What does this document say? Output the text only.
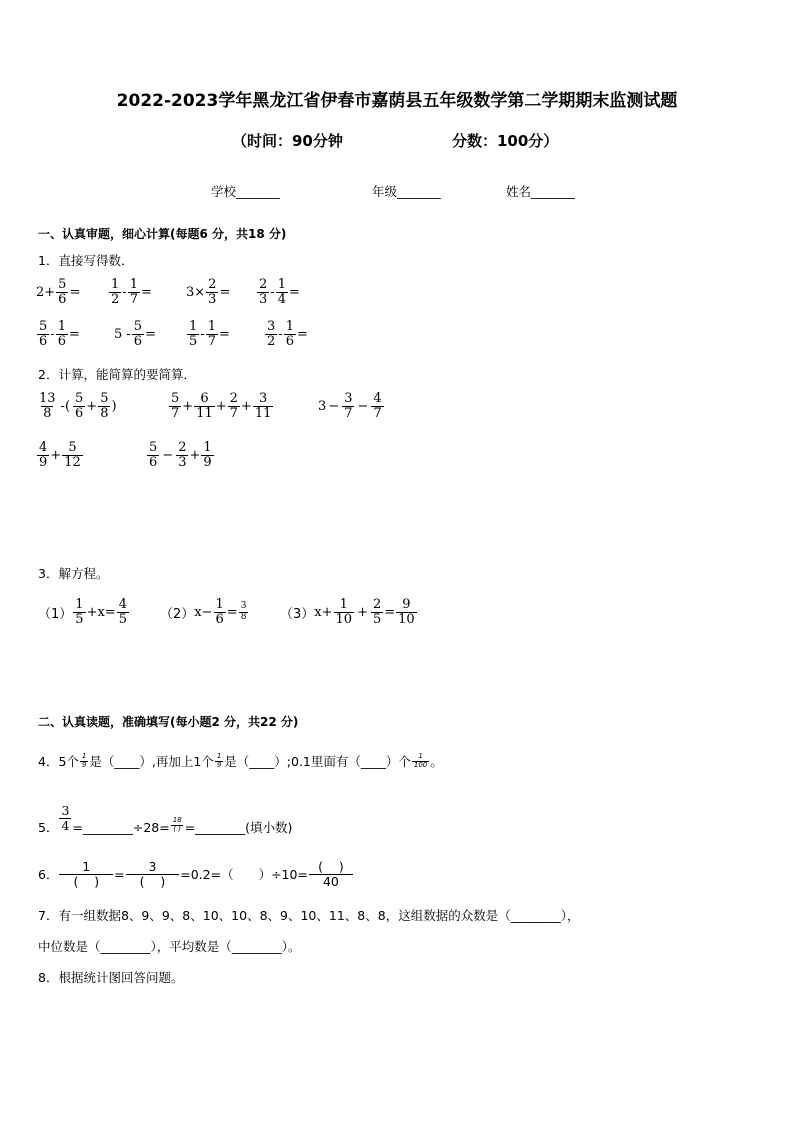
2022-2023学年黑龙江省伊春市嘉荫县五年级数学第二学期期末监测试题
（时间：90分钟	分数：100分）
学校_______	年级_______	姓名_______
一、认真审题，细心计算(每题6 分，共18 分)
1．直接写得数．
$2+ \frac{5}{6} = \frac{1}{2} - \frac{1}{7}$ =	$3\times \frac{2}{3} = \frac{2}{3} - \frac{1}{4}$ =
$\frac{5}{6} - \frac{1}{6}$ =	$5 - \frac{5}{6} = \frac{1}{5} - \frac{1}{7}$ =	$\frac{3}{2} - \frac{1}{6}$ =
2．计算，能简算的要简算．
$\frac{13}{8}$ -( $\frac{5}{6} + \frac{5}{8}$ )	$\frac{5}{7} + \frac{6}{11} + \frac{2}{7} + \frac{3}{11}$	$3 - \frac{3}{7} - \frac{4}{7}$
$\frac{4}{9} + \frac{5}{12}$	$\frac{5}{6} - \frac{2}{3} + \frac{1}{9}$
3．解方程。
$(1) \frac{1}{5} +x= \frac{4}{5} (2)$ $x- \frac{1}{6} = \frac{3}{8} (3)$ $x+ \frac{1}{10} + \frac{2}{5} = \frac{9}{10}$
二、认真读题，准确填写(每小题2 分，共22 分)
4．5个 $\frac{1}{9}$ 是（____）,再加上1个 $\frac{1}{9}$ 是（____）;0.1里面有（____）个 $\frac{1}{100}$ 。
5． $\frac{3}{4}$ =________÷28= $\frac{18}{( )}$ =________(填小数)
6． $\frac{1}{( )} = \frac{3}{( )} =0.2=$（　　）$\div 10= \frac{( )}{40}$
7．有一组数据8、9、9、8、10、10、8、9、10、11、8、8，这组数据的众数是（________），
中位数是（________），平均数是（________）。
8．根据统计图回答问题。
